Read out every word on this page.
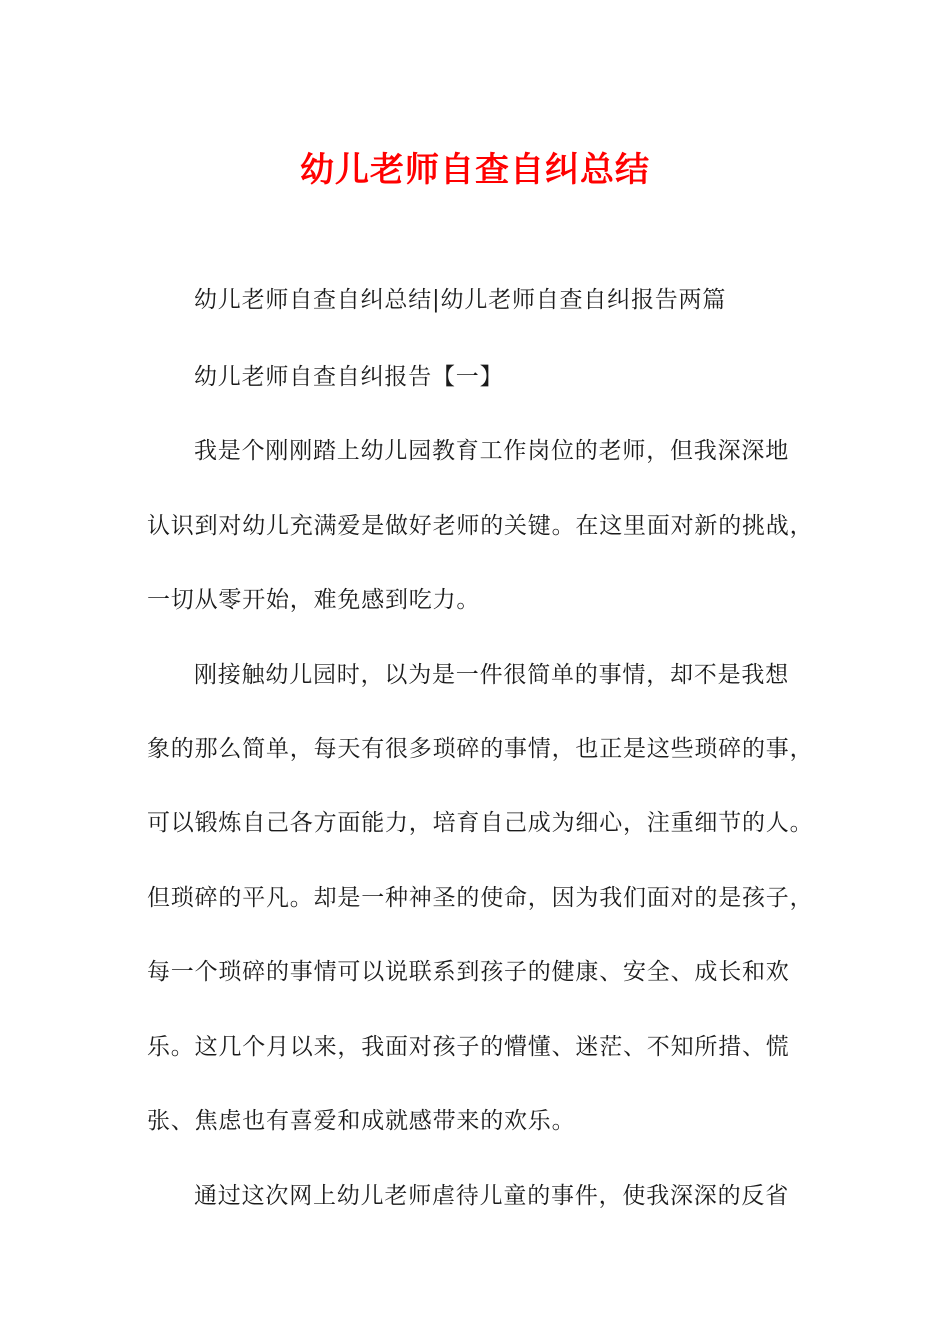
幼儿老师自查自纠总结
幼儿老师自查自纠总结|幼儿老师自查自纠报告两篇
幼儿老师自查自纠报告【一】
我是个刚刚踏上幼儿园教育工作岗位的老师，但我深深地
认识到对幼儿充满爱是做好老师的关键。在这里面对新的挑战，
一切从零开始，难免感到吃力。
刚接触幼儿园时，以为是一件很简单的事情，却不是我想
象的那么简单，每天有很多琐碎的事情，也正是这些琐碎的事，
可以锻炼自己各方面能力，培育自己成为细心，注重细节的人。
但琐碎的平凡。却是一种神圣的使命，因为我们面对的是孩子，
每一个琐碎的事情可以说联系到孩子的健康、安全、成长和欢
乐。这几个月以来，我面对孩子的懵懂、迷茫、不知所措、慌
张、焦虑也有喜爱和成就感带来的欢乐。
通过这次网上幼儿老师虐待儿童的事件，使我深深的反省
